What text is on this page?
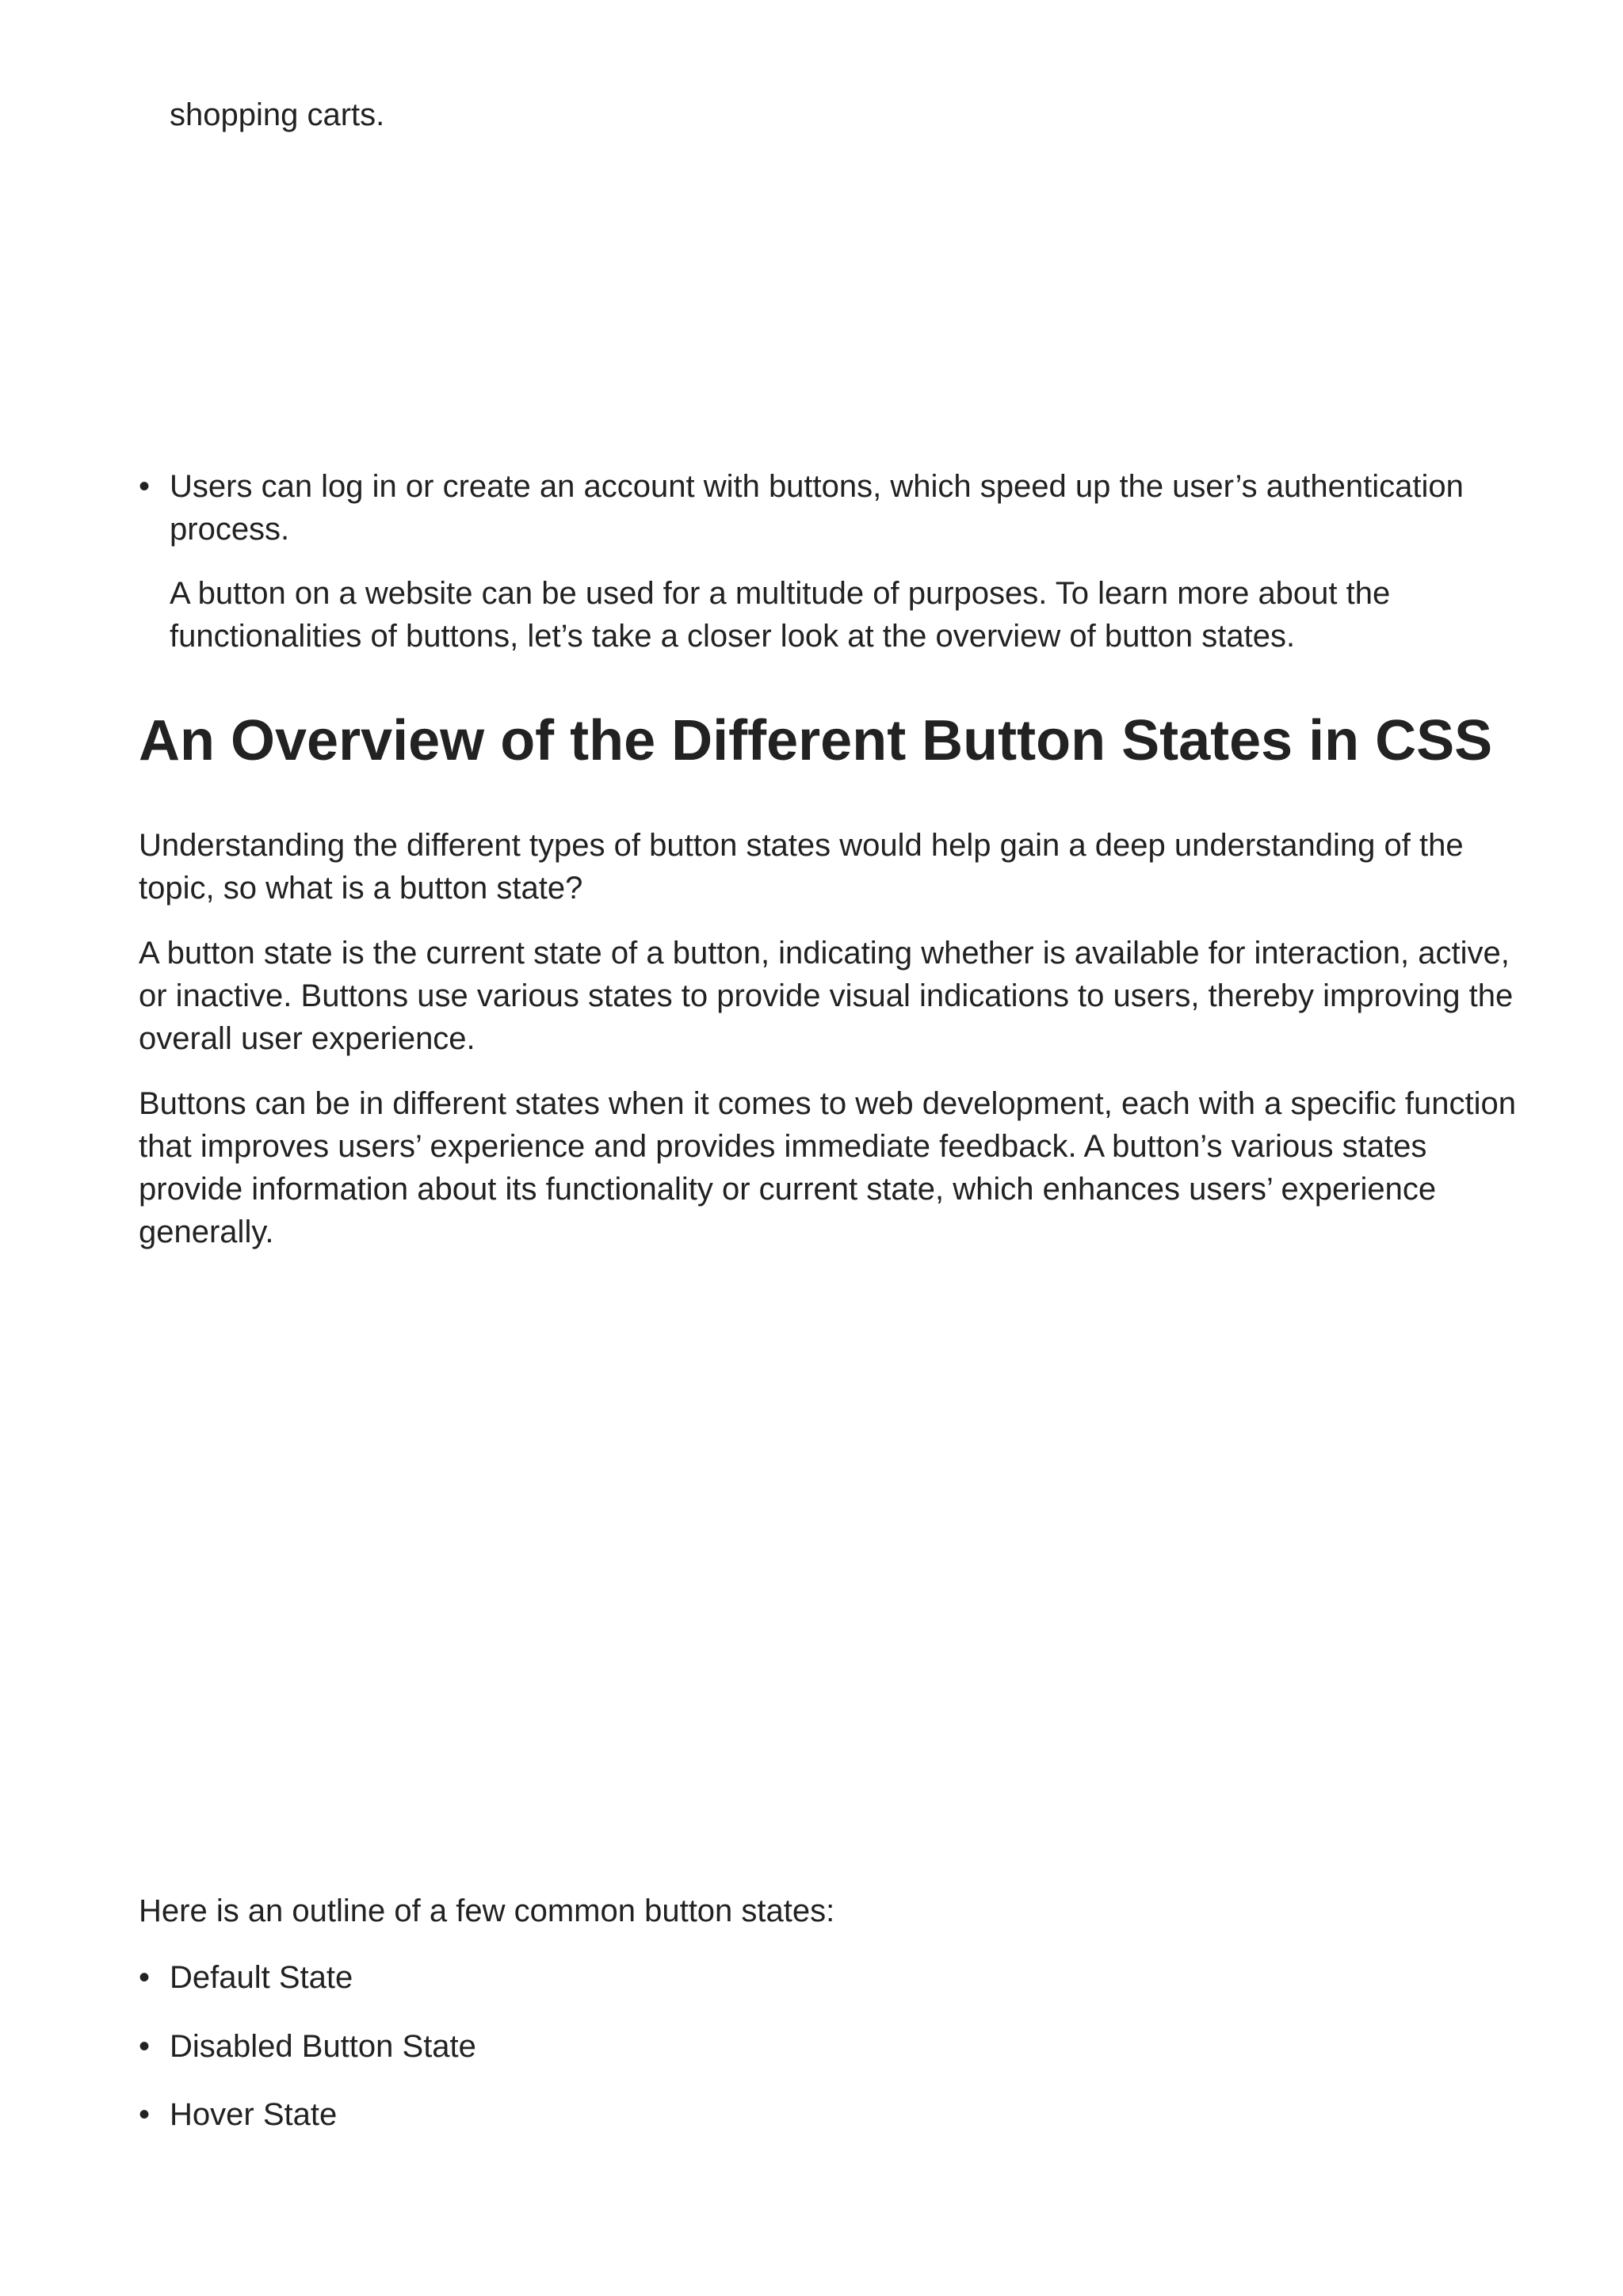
shopping carts.

• Users can log in or create an account with buttons, which speed up the user’s authentication process.

A button on a website can be used for a multitude of purposes. To learn more about the functionalities of buttons, let’s take a closer look at the overview of button states.

An Overview of the Different Button States in CSS

Understanding the different types of button states would help gain a deep understanding of the topic, so what is a button state?

A button state is the current state of a button, indicating whether is available for interaction, active, or inactive. Buttons use various states to provide visual indications to users, thereby improving the overall user experience.

Buttons can be in different states when it comes to web development, each with a specific function that improves users’ experience and provides immediate feedback. A button’s various states provide information about its functionality or current state, which enhances users’ experience generally.

Here is an outline of a few common button states:

• Default State
• Disabled Button State
• Hover State
